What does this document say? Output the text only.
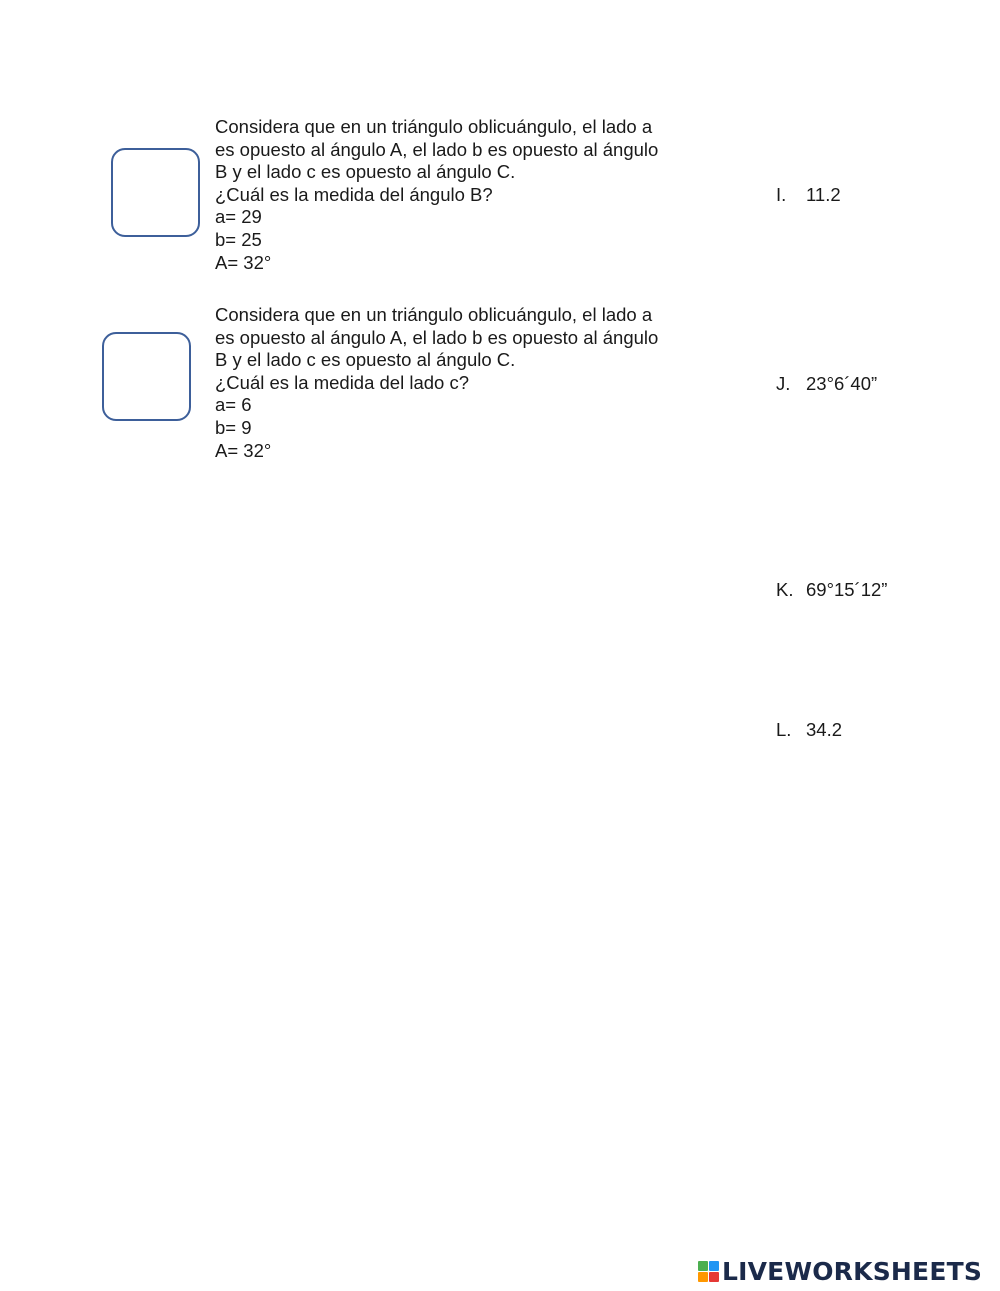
Considera que en un triángulo oblicuángulo, el lado a
es opuesto al ángulo A, el lado b es opuesto al ángulo
B y el lado c es opuesto al ángulo C.
¿Cuál es la medida del ángulo B?
a= 29
b= 25
A= 32°
Considera que en un triángulo oblicuángulo, el lado a
es opuesto al ángulo A, el lado b es opuesto al ángulo
B y el lado c es opuesto al ángulo C.
¿Cuál es la medida del lado c?
a= 6
b= 9
A= 32°
I. 11.2
J. 23°6´40”
K. 69°15´12”
L. 34.2
LIVEWORKSHEETS
